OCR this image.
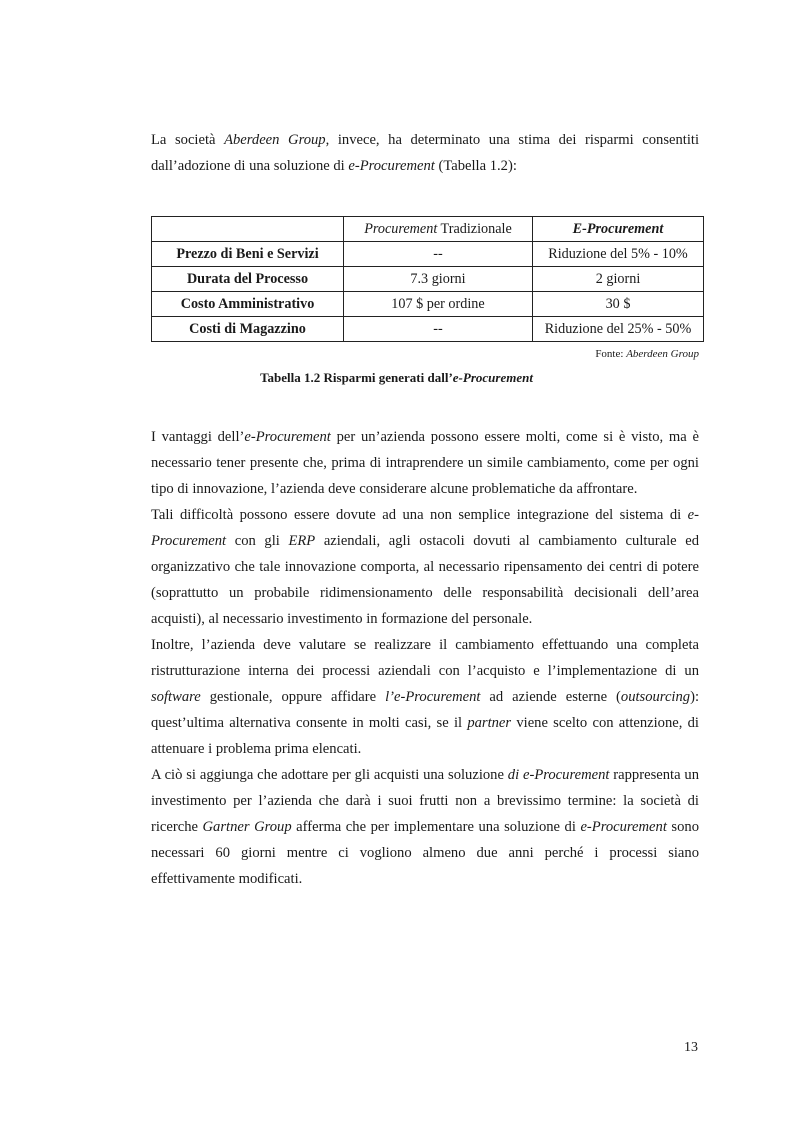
La società Aberdeen Group, invece, ha determinato una stima dei risparmi consentiti dall’adozione di una soluzione di e-Procurement (Tabella 1.2):

	Procurement Tradizionale	E-Procurement
Prezzo di Beni e Servizi	--	Riduzione del 5% - 10%
Durata del Processo	7.3 giorni	2 giorni
Costo Amministrativo	107 $ per ordine	30 $
Costi di Magazzino	--	Riduzione del 25% - 50%
Fonte: Aberdeen Group
Tabella 1.2 Risparmi generati dall’e-Procurement

I vantaggi dell’e-Procurement per un’azienda possono essere molti, come si è visto, ma è necessario tener presente che, prima di intraprendere un simile cambiamento, come per ogni tipo di innovazione, l’azienda deve considerare alcune problematiche da affrontare.

Tali difficoltà possono essere dovute ad una non semplice integrazione del sistema di e-Procurement con gli ERP aziendali, agli ostacoli dovuti al cambiamento culturale ed organizzativo che tale innovazione comporta, al necessario ripensamento dei centri di potere (soprattutto un probabile ridimensionamento delle responsabilità decisionali dell’area acquisti), al necessario investimento in formazione del personale.

Inoltre, l’azienda deve valutare se realizzare il cambiamento effettuando una completa ristrutturazione interna dei processi aziendali con l’acquisto e l’implementazione di un software gestionale, oppure affidare l’e-Procurement ad aziende esterne (outsourcing): quest’ultima alternativa consente in molti casi, se il partner viene scelto con attenzione, di attenuare i problema prima elencati.

A ciò si aggiunga che adottare per gli acquisti una soluzione di e-Procurement rappresenta un investimento per l’azienda che darà i suoi frutti non a brevissimo termine: la società di ricerche Gartner Group afferma che per implementare una soluzione di e-Procurement sono necessari 60 giorni mentre ci vogliono almeno due anni perché i processi siano effettivamente modificati.

13
